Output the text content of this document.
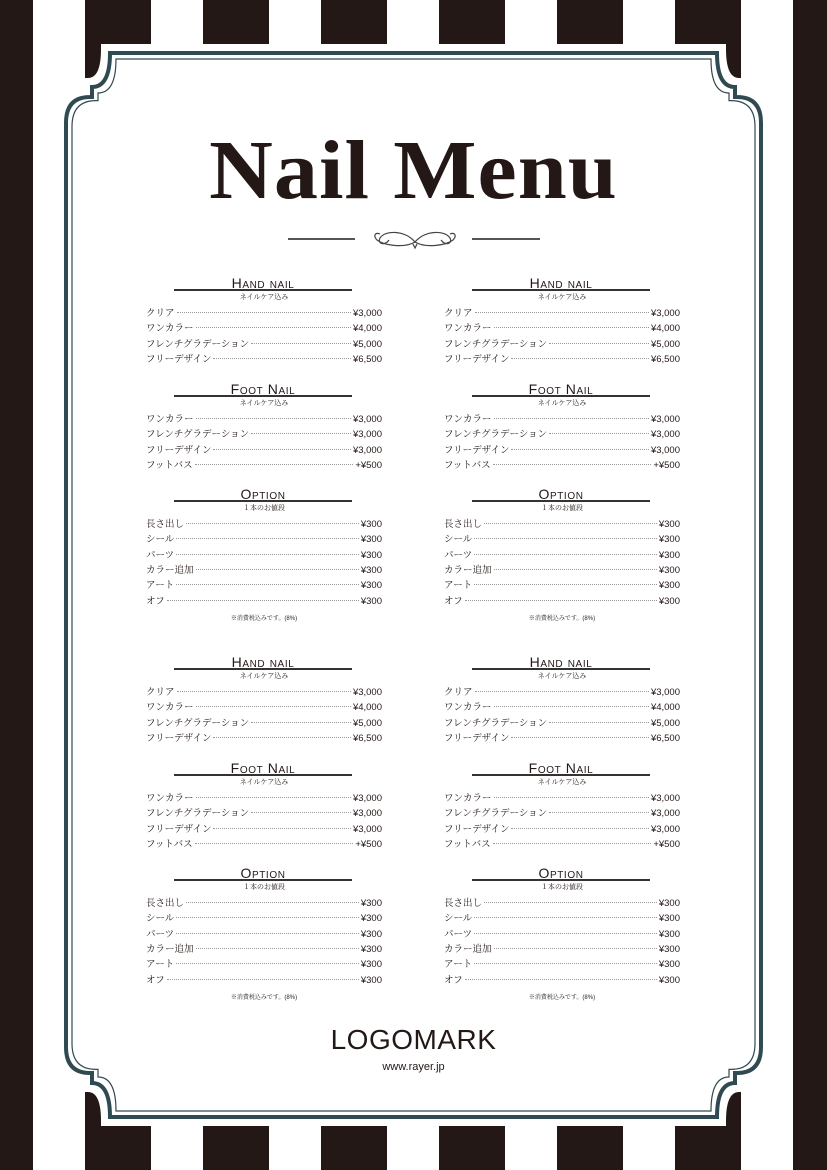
Nail Menu
Hand nail
ネイルケア込み
クリア	¥3,000
ワンカラー	¥4,000
フレンチグラデーション	¥5,000
フリーデザイン	¥6,500
Foot Nail
ネイルケア込み
ワンカラー	¥3,000
フレンチグラデーション	¥3,000
フリーデザイン	¥3,000
フットバス	+¥500
Option
１本のお値段
長さ出し	¥300
シール	¥300
パーツ	¥300
カラー追加	¥300
アート	¥300
オフ	¥300
※消費税込みです。(8%)
Hand nail
ネイルケア込み
クリア	¥3,000
ワンカラー	¥4,000
フレンチグラデーション	¥5,000
フリーデザイン	¥6,500
Foot Nail
ネイルケア込み
ワンカラー	¥3,000
フレンチグラデーション	¥3,000
フリーデザイン	¥3,000
フットバス	+¥500
Option
１本のお値段
長さ出し	¥300
シール	¥300
パーツ	¥300
カラー追加	¥300
アート	¥300
オフ	¥300
※消費税込みです。(8%)
Hand nail
ネイルケア込み
クリア	¥3,000
ワンカラー	¥4,000
フレンチグラデーション	¥5,000
フリーデザイン	¥6,500
Foot Nail
ネイルケア込み
ワンカラー	¥3,000
フレンチグラデーション	¥3,000
フリーデザイン	¥3,000
フットバス	+¥500
Option
１本のお値段
長さ出し	¥300
シール	¥300
パーツ	¥300
カラー追加	¥300
アート	¥300
オフ	¥300
※消費税込みです。(8%)
Hand nail
ネイルケア込み
クリア	¥3,000
ワンカラー	¥4,000
フレンチグラデーション	¥5,000
フリーデザイン	¥6,500
Foot Nail
ネイルケア込み
ワンカラー	¥3,000
フレンチグラデーション	¥3,000
フリーデザイン	¥3,000
フットバス	+¥500
Option
１本のお値段
長さ出し	¥300
シール	¥300
パーツ	¥300
カラー追加	¥300
アート	¥300
オフ	¥300
※消費税込みです。(8%)
LOGOMARK
www.rayer.jp
